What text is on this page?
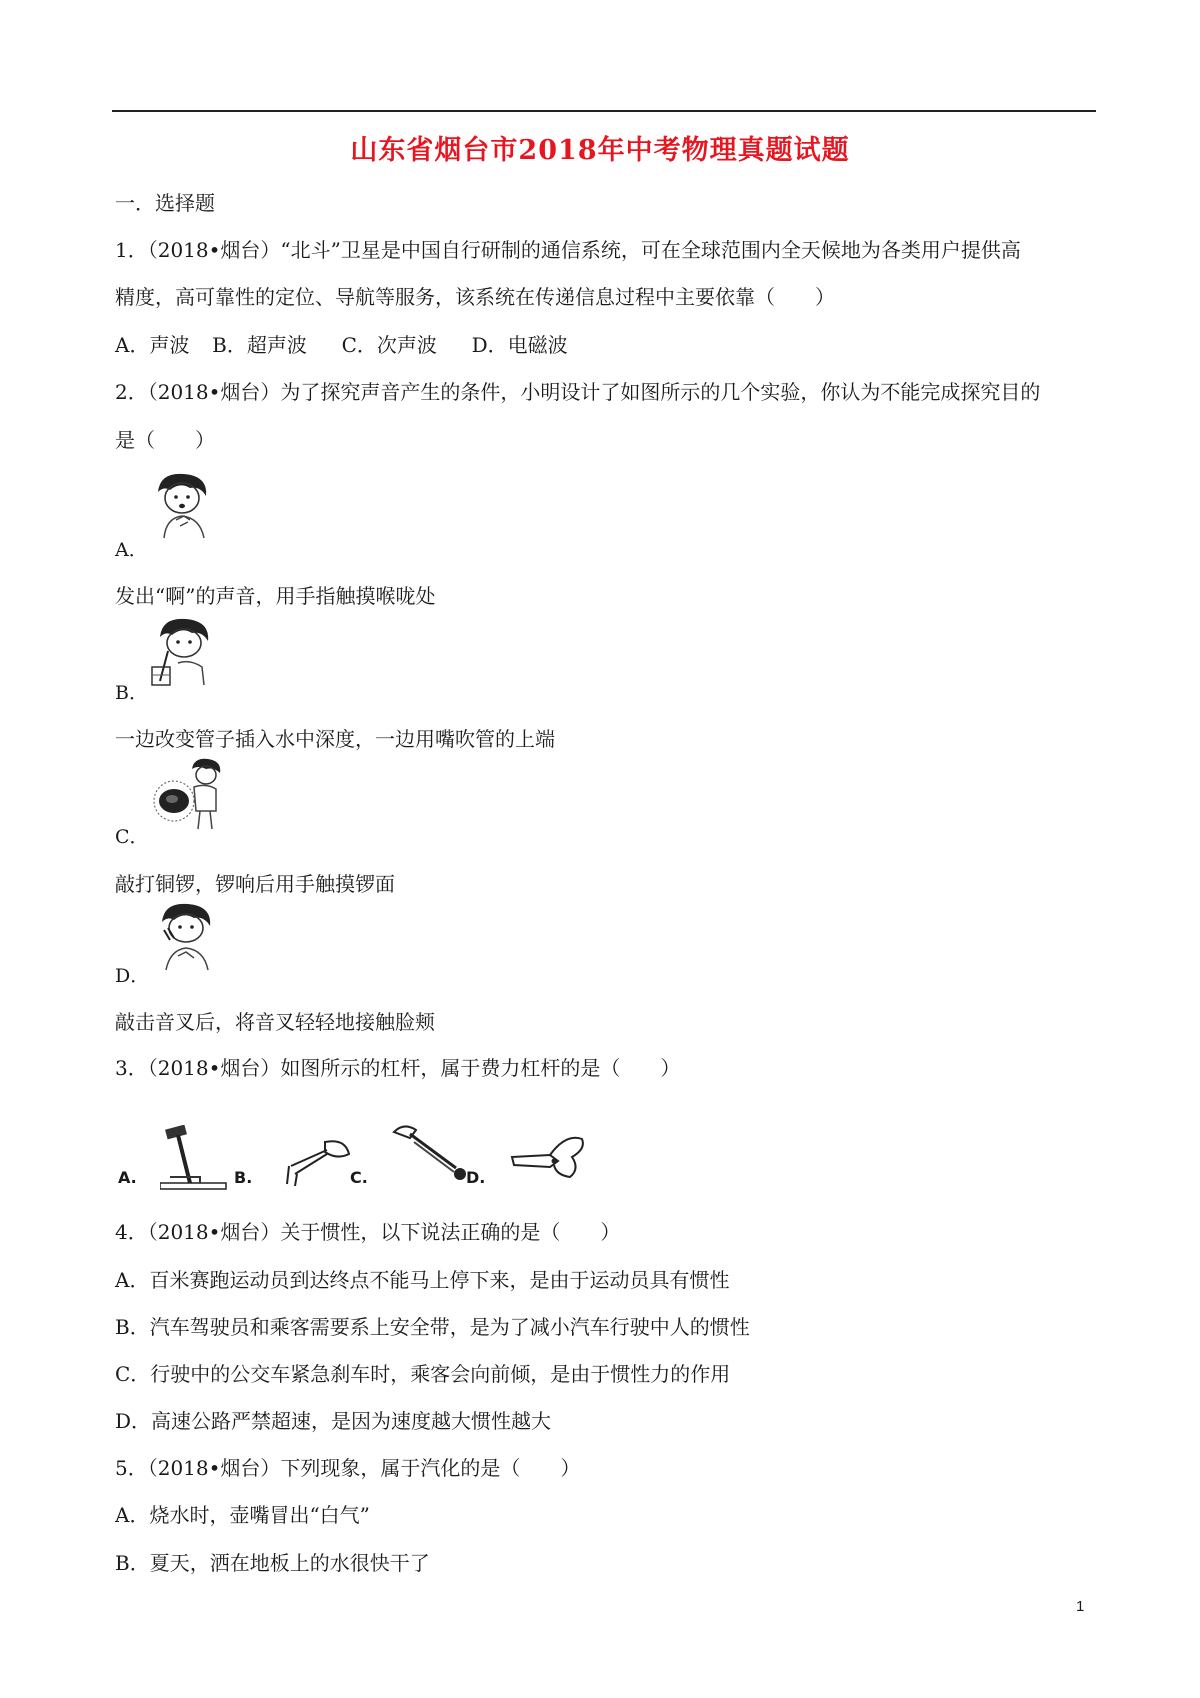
山东省烟台市2018年中考物理真题试题
一．选择题
1．（2018•烟台）“北斗”卫星是中国自行研制的通信系统，可在全球范围内全天候地为各类用户提供高
精度，高可靠性的定位、导航等服务，该系统在传递信息过程中主要依靠（　　）
A．声波 B．超声波 C．次声波 D．电磁波
2．（2018•烟台）为了探究声音产生的条件，小明设计了如图所示的几个实验，你认为不能完成探究目的
是（　　）
A．
发出“啊”的声音，用手指触摸喉咙处
B．
一边改变管子插入水中深度，一边用嘴吹管的上端
C．
敲打铜锣，锣响后用手触摸锣面
D．
敲击音叉后，将音叉轻轻地接触脸颊
3．（2018•烟台）如图所示的杠杆，属于费力杠杆的是（　　）
A.	B.	C.	D.
4．（2018•烟台）关于惯性，以下说法正确的是（　　）
A．百米赛跑运动员到达终点不能马上停下来，是由于运动员具有惯性
B．汽车驾驶员和乘客需要系上安全带，是为了减小汽车行驶中人的惯性
C．行驶中的公交车紧急刹车时，乘客会向前倾，是由于惯性力的作用
D．高速公路严禁超速，是因为速度越大惯性越大
5．（2018•烟台）下列现象，属于汽化的是（　　）
A．烧水时，壶嘴冒出“白气”
B．夏天，洒在地板上的水很快干了
1
